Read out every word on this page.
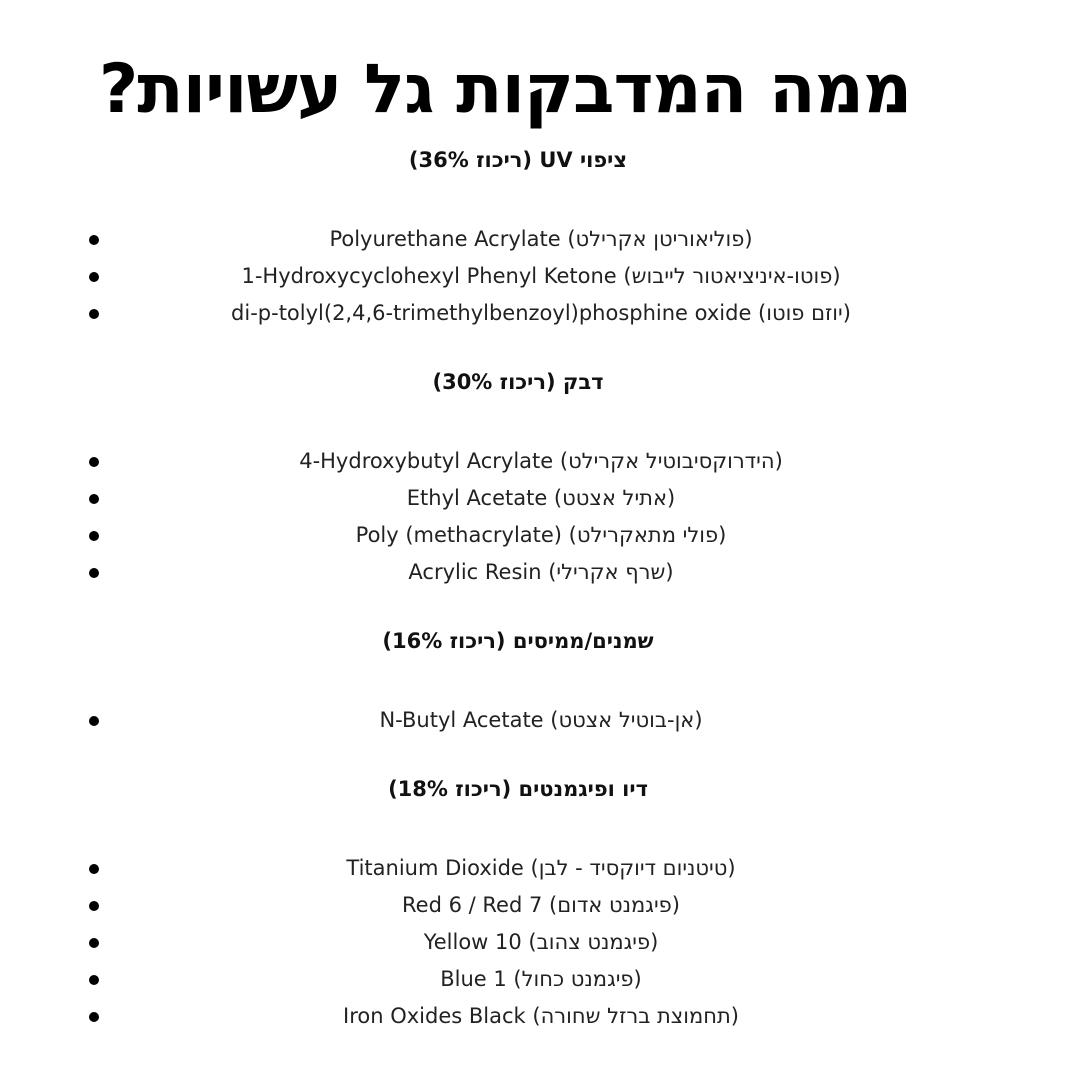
ממה המדבקות גל עשויות?
ציפוי UV (ריכוז 36%)
Polyurethane Acrylate (פוליאוריטן אקרילט)
1-Hydroxycyclohexyl Phenyl Ketone (פוטו-איניציאטור לייבוש)
di-p-tolyl(2,4,6-trimethylbenzoyl)phosphine oxide (יוזם פוטו)
דבק (ריכוז 30%)
4-Hydroxybutyl Acrylate (הידרוקסיבוטיל אקרילט)
Ethyl Acetate (אתיל אצטט)
Poly (methacrylate) (פולי מתאקרילט)
Acrylic Resin (שרף אקרילי)
שמנים/ממיסים (ריכוז 16%)
N-Butyl Acetate (אן-בוטיל אצטט)
דיו ופיגמנטים (ריכוז 18%)
Titanium Dioxide (טיטניום דיוקסיד - לבן)
Red 6 / Red 7 (פיגמנט אדום)
Yellow 10 (פיגמנט צהוב)
Blue 1 (פיגמנט כחול)
Iron Oxides Black (תחמוצת ברזל שחורה)
